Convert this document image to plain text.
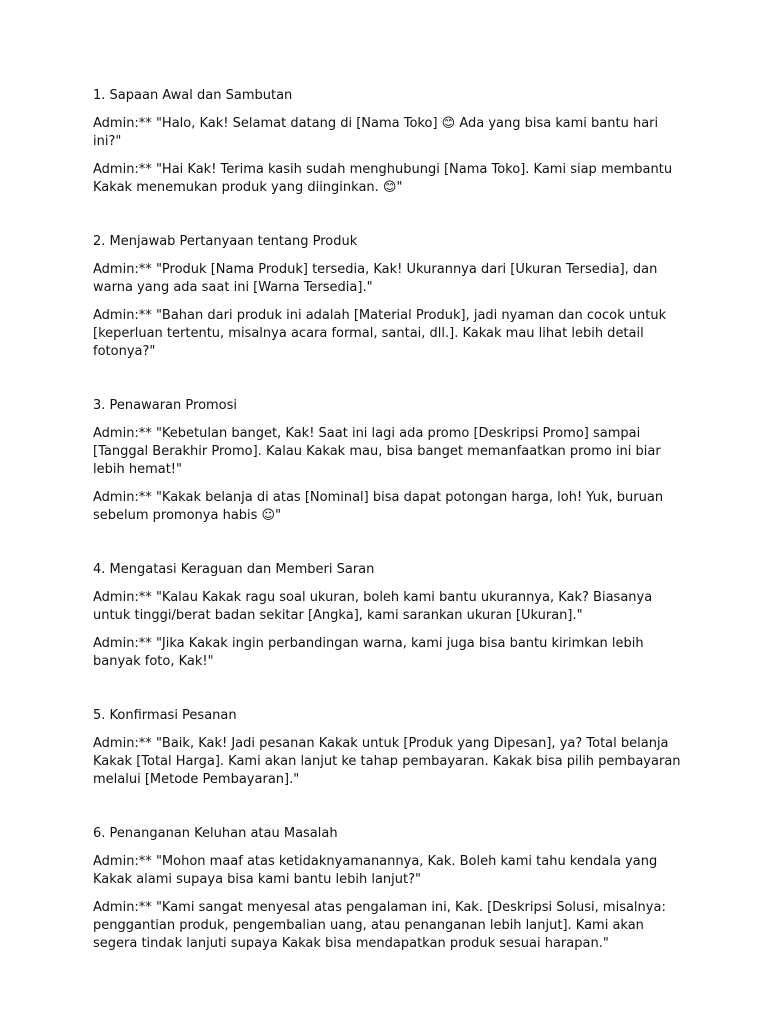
1. Sapaan Awal dan Sambutan
Admin:** "Halo, Kak! Selamat datang di [Nama Toko] 😊 Ada yang bisa kami bantu hari ini?"
Admin:** "Hai Kak! Terima kasih sudah menghubungi [Nama Toko]. Kami siap membantu Kakak menemukan produk yang diinginkan. 😊"
2. Menjawab Pertanyaan tentang Produk
Admin:** "Produk [Nama Produk] tersedia, Kak! Ukurannya dari [Ukuran Tersedia], dan warna yang ada saat ini [Warna Tersedia]."
Admin:** "Bahan dari produk ini adalah [Material Produk], jadi nyaman dan cocok untuk [keperluan tertentu, misalnya acara formal, santai, dll.]. Kakak mau lihat lebih detail fotonya?"
3. Penawaran Promosi
Admin:** "Kebetulan banget, Kak! Saat ini lagi ada promo [Deskripsi Promo] sampai [Tanggal Berakhir Promo]. Kalau Kakak mau, bisa banget memanfaatkan promo ini biar lebih hemat!"
Admin:** "Kakak belanja di atas [Nominal] bisa dapat potongan harga, loh! Yuk, buruan sebelum promonya habis ☺"
4. Mengatasi Keraguan dan Memberi Saran
Admin:** "Kalau Kakak ragu soal ukuran, boleh kami bantu ukurannya, Kak? Biasanya untuk tinggi/berat badan sekitar [Angka], kami sarankan ukuran [Ukuran]."
Admin:** "Jika Kakak ingin perbandingan warna, kami juga bisa bantu kirimkan lebih banyak foto, Kak!"
5. Konfirmasi Pesanan
Admin:** "Baik, Kak! Jadi pesanan Kakak untuk [Produk yang Dipesan], ya? Total belanja Kakak [Total Harga]. Kami akan lanjut ke tahap pembayaran. Kakak bisa pilih pembayaran melalui [Metode Pembayaran]."
6. Penanganan Keluhan atau Masalah
Admin:** "Mohon maaf atas ketidaknyamanannya, Kak. Boleh kami tahu kendala yang Kakak alami supaya bisa kami bantu lebih lanjut?"
Admin:** "Kami sangat menyesal atas pengalaman ini, Kak. [Deskripsi Solusi, misalnya: penggantian produk, pengembalian uang, atau penanganan lebih lanjut]. Kami akan segera tindak lanjuti supaya Kakak bisa mendapatkan produk sesuai harapan."
